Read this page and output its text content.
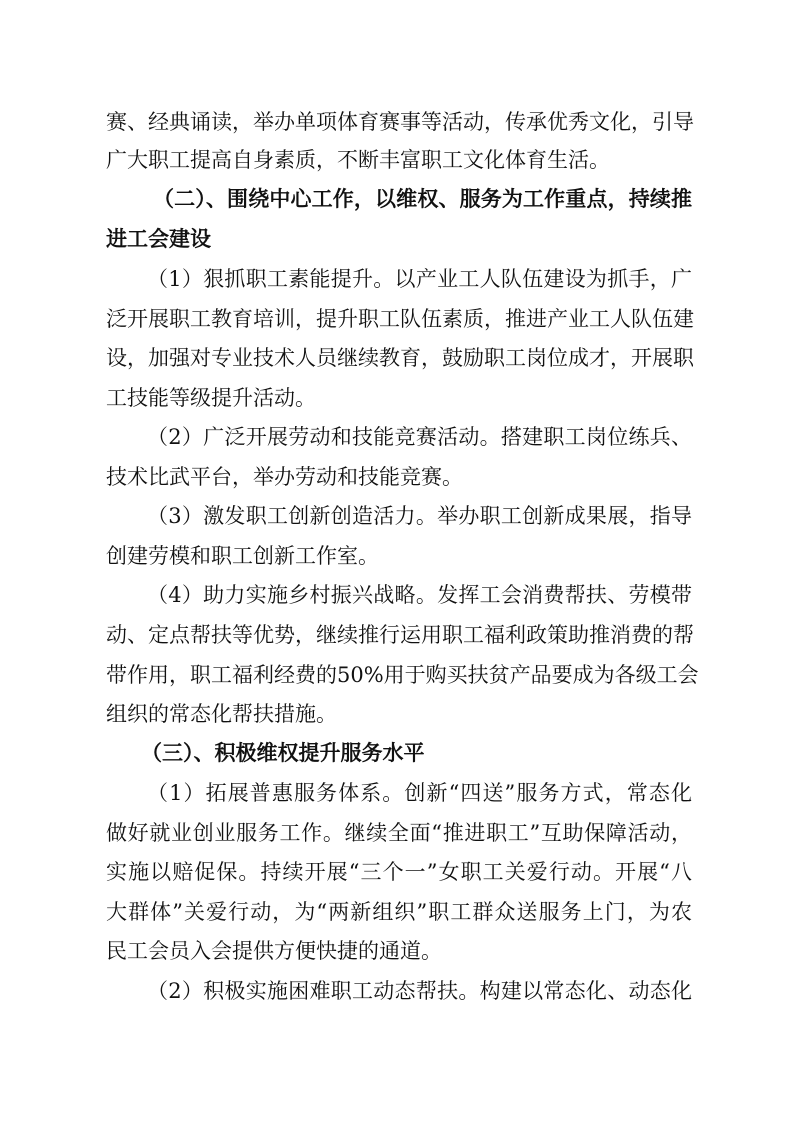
赛、经典诵读，举办单项体育赛事等活动，传承优秀文化，引导
广大职工提高自身素质，不断丰富职工文化体育生活。
（二）、围绕中心工作，以维权、服务为工作重点，持续推
进工会建设
（1）狠抓职工素能提升。以产业工人队伍建设为抓手，广
泛开展职工教育培训，提升职工队伍素质，推进产业工人队伍建
设，加强对专业技术人员继续教育，鼓励职工岗位成才，开展职
工技能等级提升活动。
（2）广泛开展劳动和技能竞赛活动。搭建职工岗位练兵、
技术比武平台，举办劳动和技能竞赛。
（3）激发职工创新创造活力。举办职工创新成果展，指导
创建劳模和职工创新工作室。
（4）助力实施乡村振兴战略。发挥工会消费帮扶、劳模带
动、定点帮扶等优势，继续推行运用职工福利政策助推消费的帮
带作用，职工福利经费的50%用于购买扶贫产品要成为各级工会
组织的常态化帮扶措施。
（三）、积极维权提升服务水平
（1）拓展普惠服务体系。创新“四送”服务方式，常态化
做好就业创业服务工作。继续全面“推进职工”互助保障活动，
实施以赔促保。持续开展“三个一”女职工关爱行动。开展“八
大群体”关爱行动，为“两新组织”职工群众送服务上门，为农
民工会员入会提供方便快捷的通道。
（2）积极实施困难职工动态帮扶。构建以常态化、动态化
